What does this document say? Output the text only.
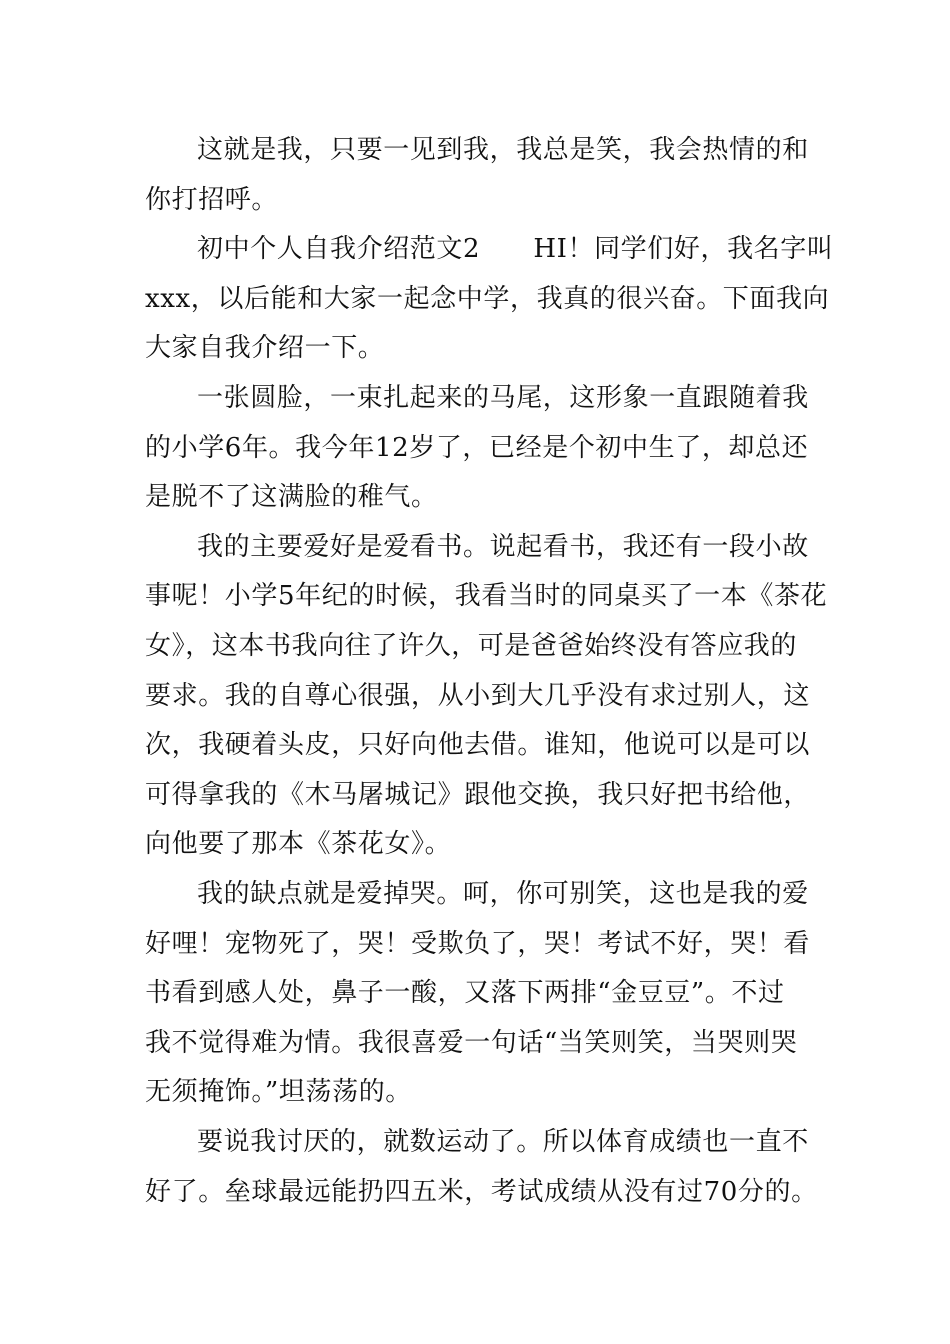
这就是我，只要一见到我，我总是笑，我会热情的和
你打招呼。
初中个人自我介绍范文2      HI！同学们好，我名字叫
xxx，以后能和大家一起念中学，我真的很兴奋。下面我向
大家自我介绍一下。
一张圆脸，一束扎起来的马尾，这形象一直跟随着我
的小学6年。我今年12岁了，已经是个初中生了，却总还
是脱不了这满脸的稚气。
我的主要爱好是爱看书。说起看书，我还有一段小故
事呢！小学5年纪的时候，我看当时的同桌买了一本《茶花
女》，这本书我向往了许久，可是爸爸始终没有答应我的
要求。我的自尊心很强，从小到大几乎没有求过别人，这
次，我硬着头皮，只好向他去借。谁知，他说可以是可以
可得拿我的《木马屠城记》跟他交换，我只好把书给他，
向他要了那本《茶花女》。
我的缺点就是爱掉哭。呵，你可别笑，这也是我的爱
好哩！宠物死了，哭！受欺负了，哭！考试不好，哭！看
书看到感人处，鼻子一酸，又落下两排“金豆豆”。不过
我不觉得难为情。我很喜爱一句话“当笑则笑，当哭则哭
无须掩饰。”坦荡荡的。
要说我讨厌的，就数运动了。所以体育成绩也一直不
好了。垒球最远能扔四五米，考试成绩从没有过70分的。
